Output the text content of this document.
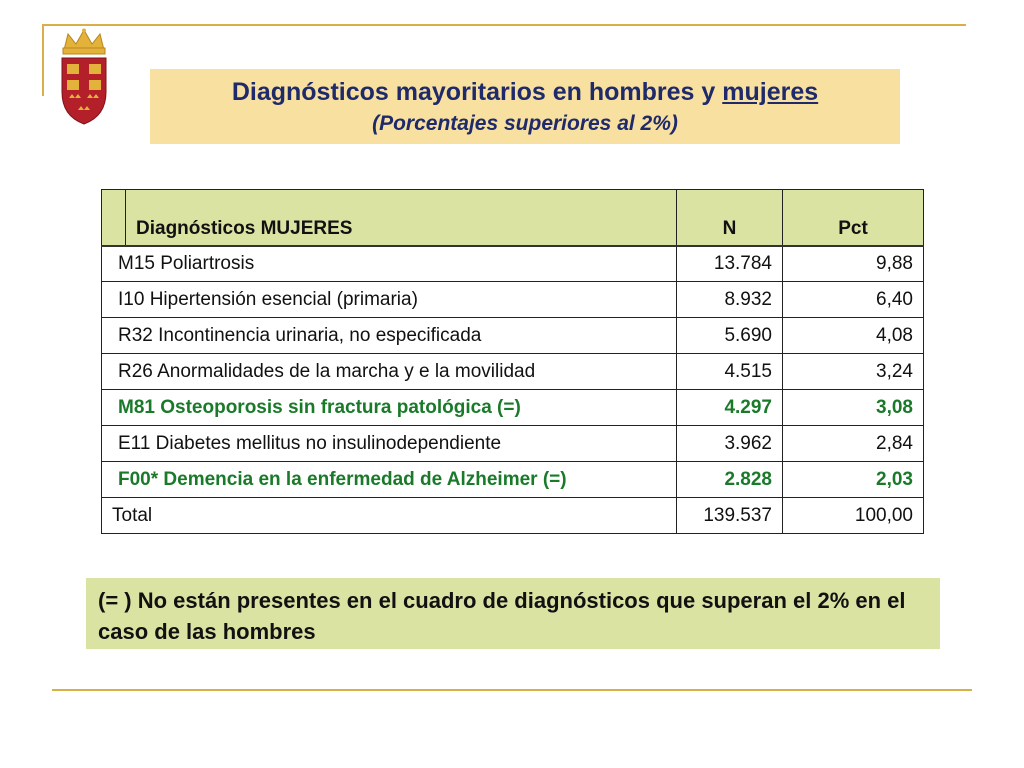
Diagnósticos mayoritarios en hombres y mujeres
(Porcentajes superiores al 2%)
	Diagnósticos MUJERES	N	Pct
M15 Poliartrosis		13.784	9,88
I10 Hipertensión esencial (primaria)		8.932	6,40
R32 Incontinencia urinaria, no especificada		5.690	4,08
R26 Anormalidades de la marcha y e la movilidad		4.515	3,24
M81 Osteoporosis sin fractura patológica (=)		4.297	3,08
E11 Diabetes mellitus no insulinodependiente		3.962	2,84
F00* Demencia en la enfermedad de Alzheimer (=)		2.828	2,03
Total		139.537	100,00
(= ) No están presentes en el cuadro de diagnósticos que superan el 2% en el caso de las hombres
